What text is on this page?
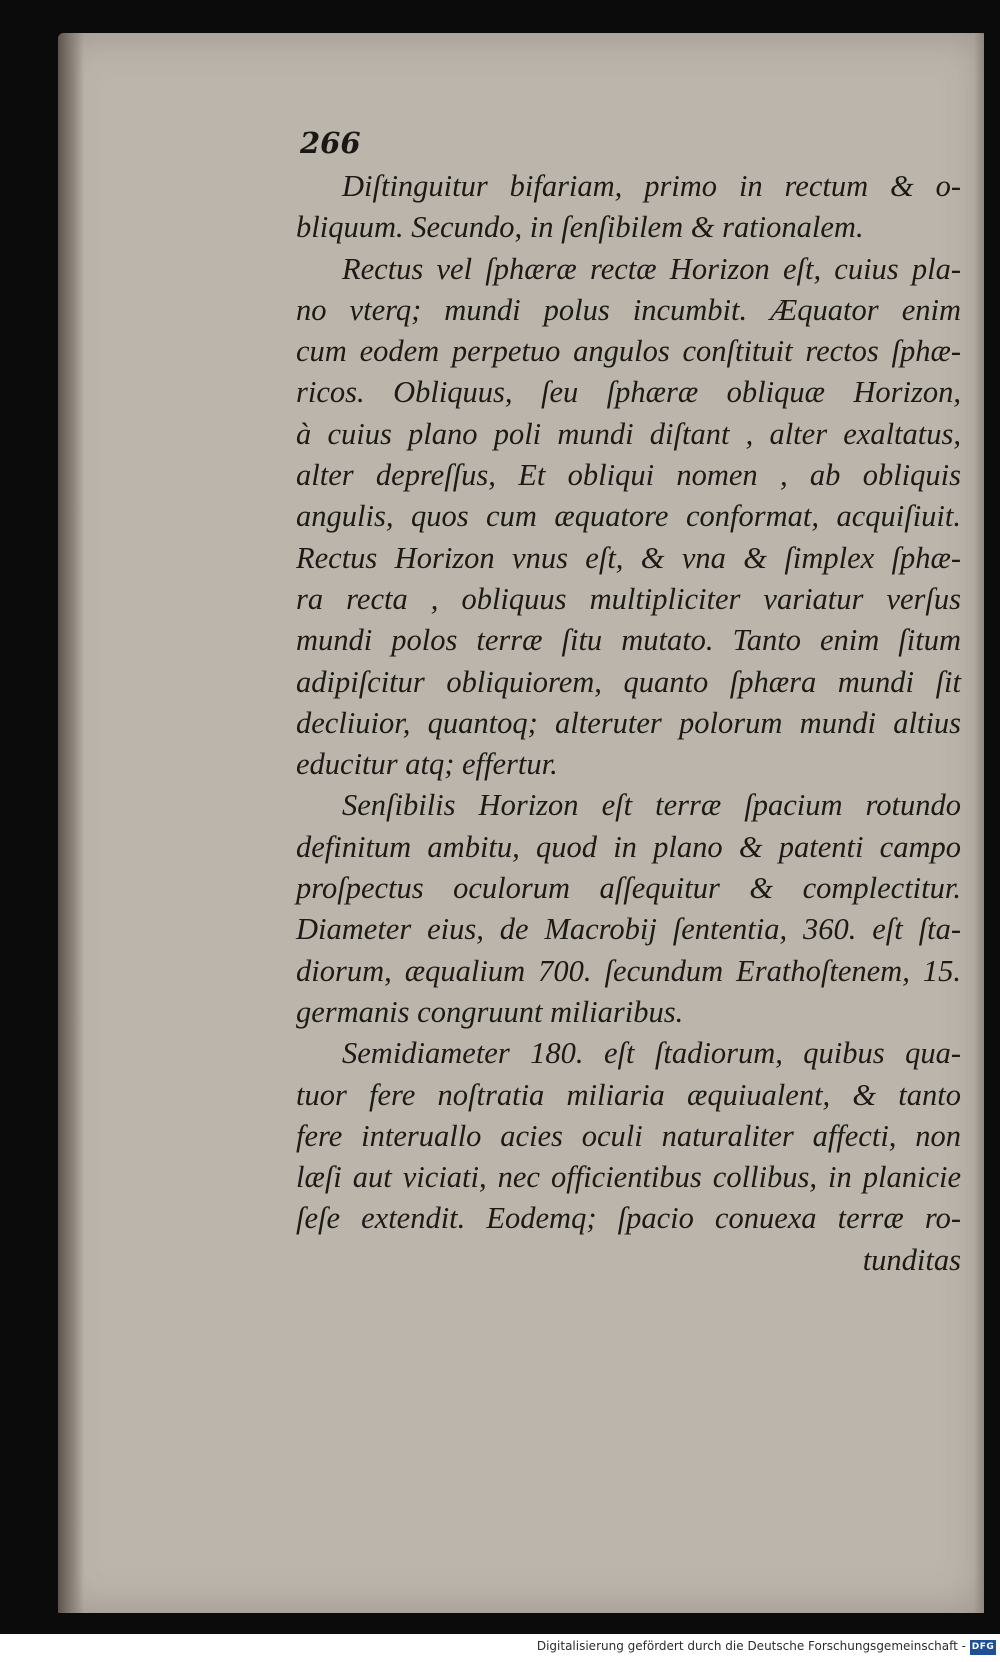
266

Diſtinguitur bifariam, primo in rectum & o-
bliquum. Secundo, in ſenſibilem & rationalem.
Rectus vel ſphæræ rectæ Horizon eſt, cuius pla-
no vterq; mundi polus incumbit. Æquator enim
cum eodem perpetuo angulos conſtituit rectos ſphæ-
ricos. Obliquus, ſeu ſphæræ obliquæ Horizon,
à cuius plano poli mundi diſtant , alter exaltatus,
alter depreſſus, Et obliqui nomen , ab obliquis
angulis, quos cum æquatore conformat, acquiſiuit.
Rectus Horizon vnus eſt, & vna & ſimplex ſphæ-
ra recta , obliquus multipliciter variatur verſus
mundi polos terræ ſitu mutato. Tanto enim ſitum
adipiſcitur obliquiorem, quanto ſphæra mundi ſit
decliuior, quantoq; alteruter polorum mundi altius
educitur atq; effertur.
Senſibilis Horizon eſt terræ ſpacium rotundo
definitum ambitu, quod in plano & patenti campo
proſpectus oculorum aſſequitur & complectitur.
Diameter eius, de Macrobij ſententia, 360. eſt ſta-
diorum, æqualium 700. ſecundum Erathoſtenem, 15.
germanis congruunt miliaribus.
Semidiameter 180. eſt ſtadiorum, quibus qua-
tuor fere noſtratia miliaria æquiualent, & tanto
fere interuallo acies oculi naturaliter affecti, non
læſi aut viciati, nec officientibus collibus, in planicie
ſeſe extendit. Eodemq; ſpacio conuexa terræ ro-
tunditas

Digitalisierung gefördert durch die Deutsche Forschungsgemeinschaft - DFG
